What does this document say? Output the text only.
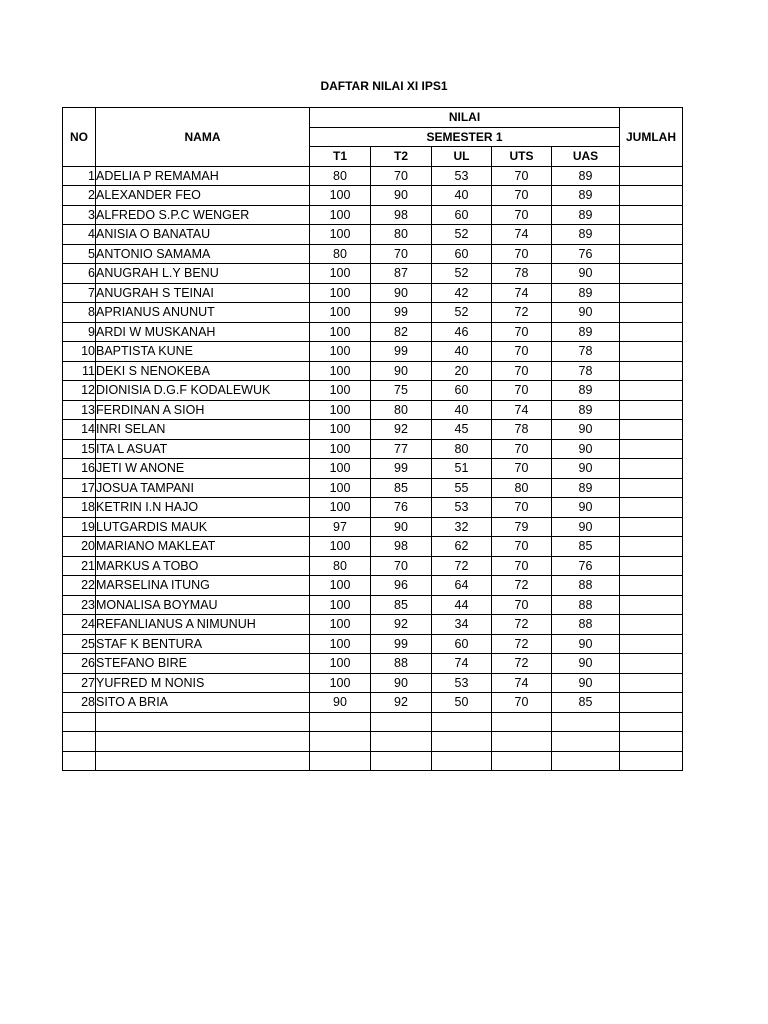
DAFTAR NILAI XI IPS1
NO	NAMA	NILAI					JUMLAH
		SEMESTER 1					
		T1	T2	UL	UTS	UAS	
1	ADELIA P REMAMAH	80	70	53	70	89	
2	ALEXANDER FEO	100	90	40	70	89	
3	ALFREDO S.P.C WENGER	100	98	60	70	89	
4	ANISIA O BANATAU	100	80	52	74	89	
5	ANTONIO SAMAMA	80	70	60	70	76	
6	ANUGRAH L.Y BENU	100	87	52	78	90	
7	ANUGRAH S TEINAI	100	90	42	74	89	
8	APRIANUS ANUNUT	100	99	52	72	90	
9	ARDI W MUSKANAH	100	82	46	70	89	
10	BAPTISTA KUNE	100	99	40	70	78	
11	DEKI S NENOKEBA	100	90	20	70	78	
12	DIONISIA D.G.F KODALEWUK	100	75	60	70	89	
13	FERDINAN A SIOH	100	80	40	74	89	
14	INRI SELAN	100	92	45	78	90	
15	ITA L ASUAT	100	77	80	70	90	
16	JETI W ANONE	100	99	51	70	90	
17	JOSUA TAMPANI	100	85	55	80	89	
18	KETRIN I.N HAJO	100	76	53	70	90	
19	LUTGARDIS MAUK	97	90	32	79	90	
20	MARIANO MAKLEAT	100	98	62	70	85	
21	MARKUS A TOBO	80	70	72	70	76	
22	MARSELINA ITUNG	100	96	64	72	88	
23	MONALISA BOYMAU	100	85	44	70	88	
24	REFANLIANUS A NIMUNUH	100	92	34	72	88	
25	STAF K BENTURA	100	99	60	72	90	
26	STEFANO BIRE	100	88	74	72	90	
27	YUFRED M NONIS	100	90	53	74	90	
28	SITO A BRIA	90	92	50	70	85	
